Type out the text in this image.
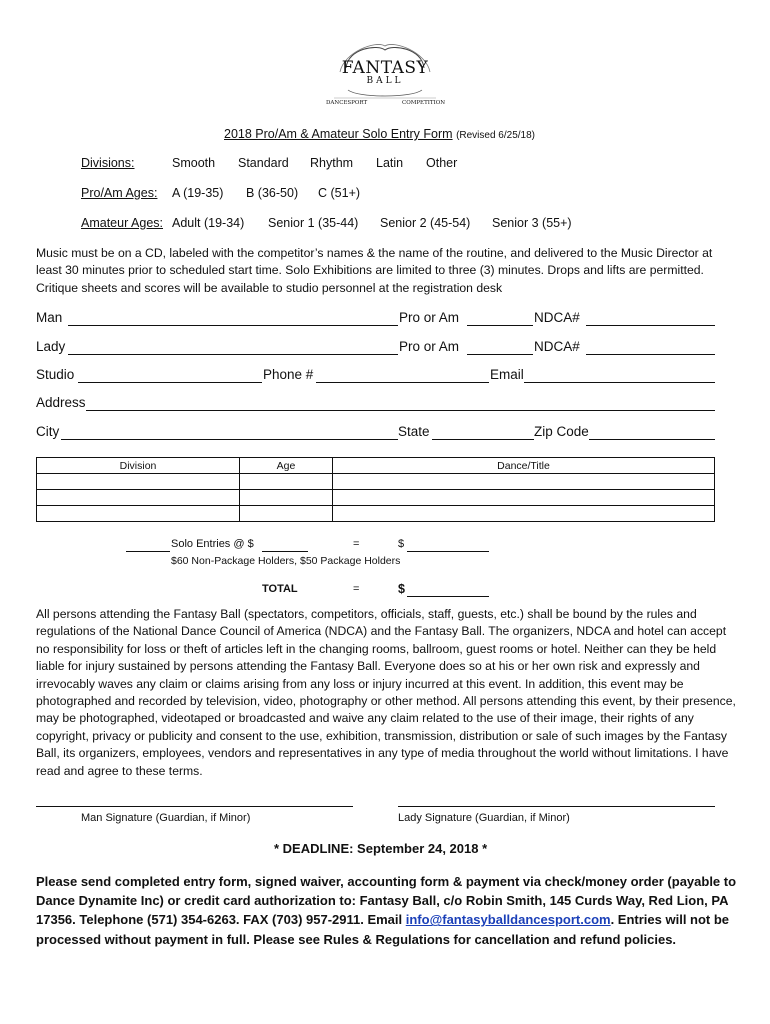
FANTASY
BALL
DANCESPORT	COMPETITION
2018 Pro/Am & Amateur Solo Entry Form (Revised 6/25/18)
Divisions:	Smooth Standard Rhythm Latin Other
Pro/Am Ages: A (19-35) B (36-50) C (51+)
Amateur Ages: Adult (19-34) Senior 1 (35-44) Senior 2 (45-54) Senior 3 (55+)
Music must be on a CD, labeled with the competitor’s names & the name of the routine, and delivered to the Music Director at least 30 minutes prior to scheduled start time. Solo Exhibitions are limited to three (3) minutes. Drops and lifts are permitted. Critique sheets and scores will be available to studio personnel at the registration desk
Man	Pro or Am	NDCA#
Lady	Pro or Am	NDCA#
Studio	Phone #	Email
Address
City	State	Zip Code
Division	Age	Dance/Title

Solo Entries @ $	=	$
$60 Non-Package Holders, $50 Package Holders
TOTAL	=	$
All persons attending the Fantasy Ball (spectators, competitors, officials, staff, guests, etc.) shall be bound by the rules and regulations of the National Dance Council of America (NDCA) and the Fantasy Ball. The organizers, NDCA and hotel can accept no responsibility for loss or theft of articles left in the changing rooms, ballroom, guest rooms or hotel. Neither can they be held liable for injury sustained by persons attending the Fantasy Ball. Everyone does so at his or her own risk and expressly and irrevocably waves any claim or claims arising from any loss or injury incurred at this event. In addition, this event may be photographed and recorded by television, video, photography or other method. All persons attending this event, by their presence, may be photographed, videotaped or broadcasted and waive any claim related to the use of their image, their rights of any copyright, privacy or publicity and consent to the use, exhibition, transmission, distribution or sale of such images by the Fantasy Ball, its organizers, employees, vendors and representatives in any type of media throughout the world without limitations. I have read and agree to these terms.
Man Signature (Guardian, if Minor)	Lady Signature (Guardian, if Minor)
* DEADLINE: September 24, 2018 *
Please send completed entry form, signed waiver, accounting form & payment via check/money order (payable to Dance Dynamite Inc) or credit card authorization to: Fantasy Ball, c/o Robin Smith, 145 Curds Way, Red Lion, PA 17356. Telephone (571) 354-6263. FAX (703) 957-2911. Email info@fantasyballdancesport.com. Entries will not be processed without payment in full. Please see Rules & Regulations for cancellation and refund policies.
